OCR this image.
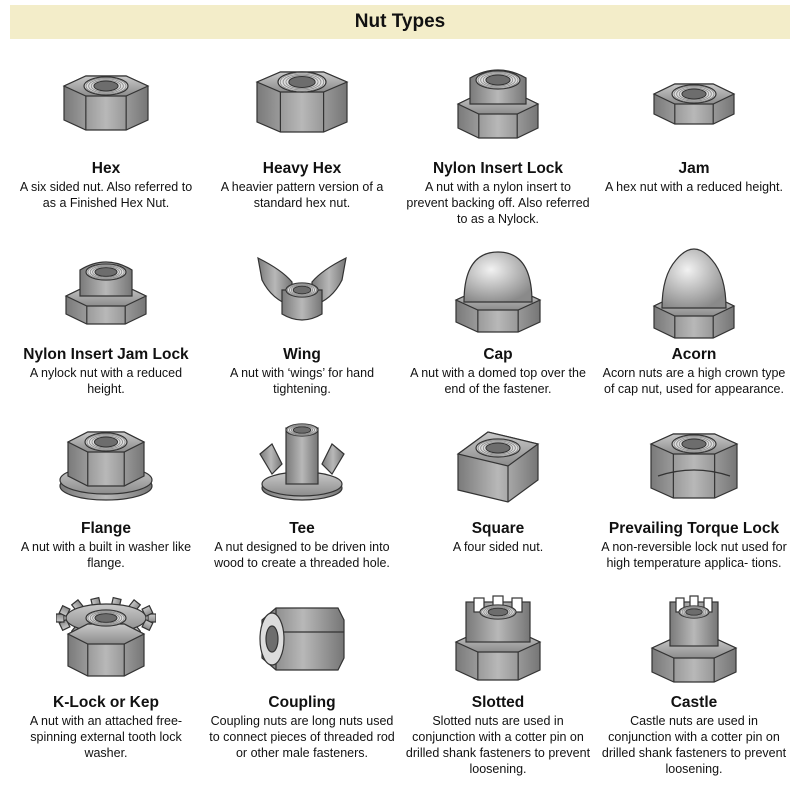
Nut Types
Hex
A six sided nut. Also referred to as a Finished Hex Nut.
Heavy Hex
A heavier pattern version of a standard hex nut.
Nylon Insert Lock
A nut with a nylon insert to prevent backing off. Also referred to as a Nylock.
Jam
A hex nut with a reduced height.
Nylon Insert Jam Lock
A nylock nut with a reduced height.
Wing
A nut with ‘wings’ for hand tightening.
Cap
A nut with a domed top over the end of the fastener.
Acorn
Acorn nuts are a high crown type of cap nut, used for appearance.
Flange
A nut with a built in washer like flange.
Tee
A nut designed to be driven into wood to create a threaded hole.
Square
A four sided nut.
Prevailing Torque Lock
A non-reversible lock nut used for high temperature applica- tions.
K-Lock or Kep
A nut with an attached free-spinning external tooth lock washer.
Coupling
Coupling nuts are long nuts used to connect pieces of threaded rod or other male fasteners.
Slotted
Slotted nuts are used in conjunction with a cotter pin on drilled shank fasteners to prevent loosening.
Castle
Castle nuts are used in conjunction with a cotter pin on drilled shank fasteners to prevent loosening.
